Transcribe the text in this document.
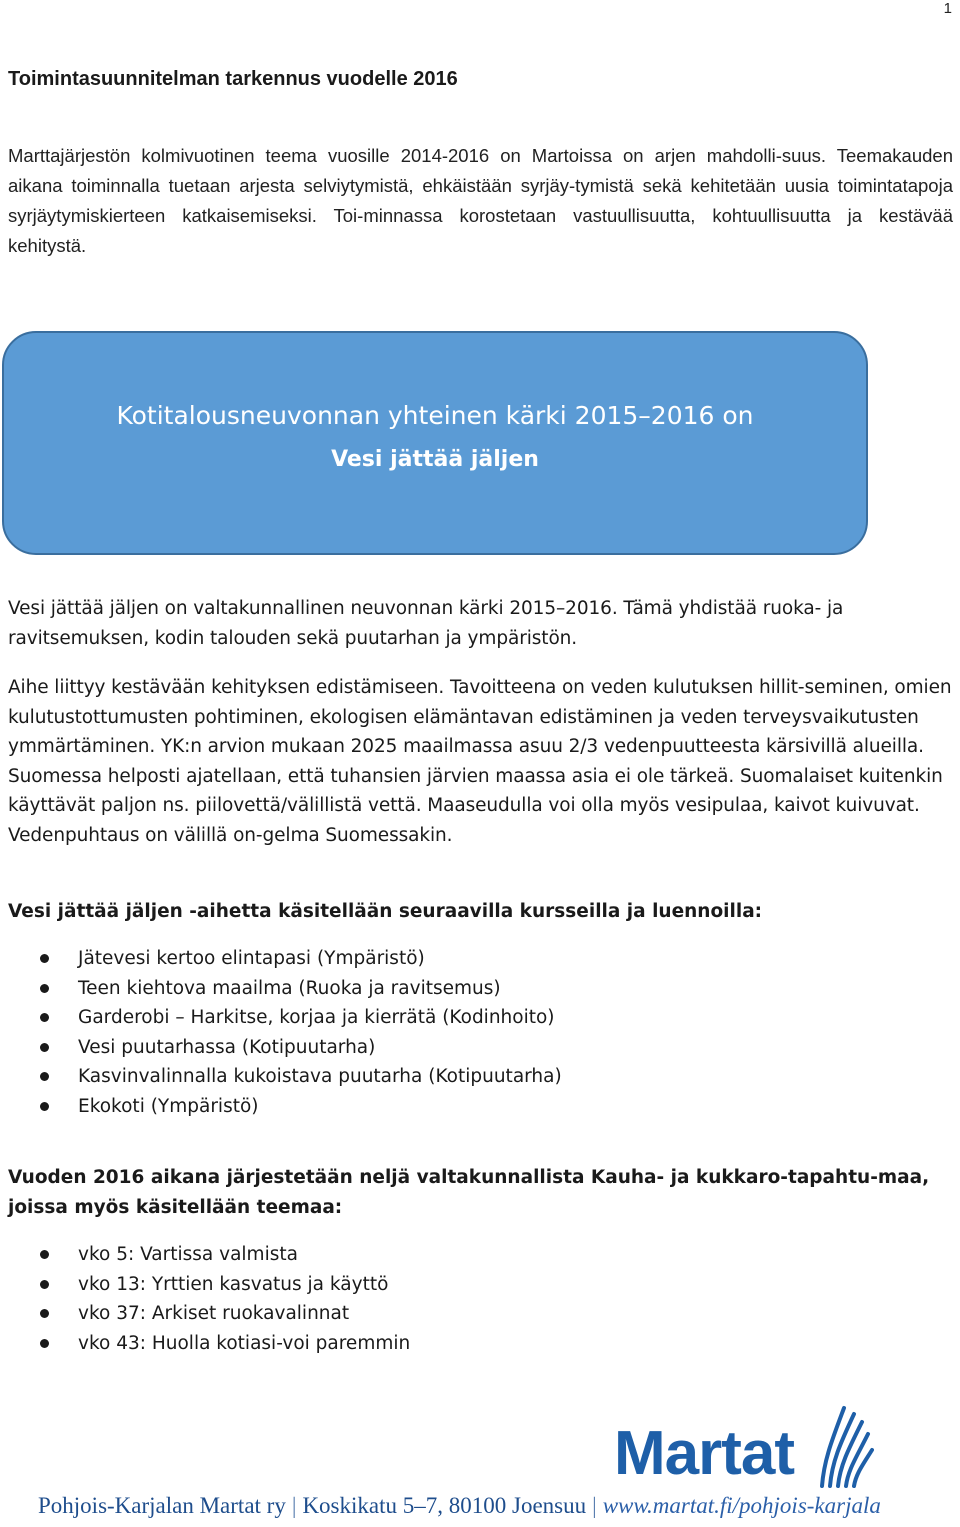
1
Toimintasuunnitelman tarkennus vuodelle 2016

Marttajärjestön kolmivuotinen teema vuosille 2014-2016 on Martoissa on arjen mahdolli-suus. Teemakauden aikana toiminnalla tuetaan arjesta selviytymistä, ehkäistään syrjäy-tymistä sekä kehitetään uusia toimintatapoja syrjäytymiskierteen katkaisemiseksi. Toi-minnassa korostetaan vastuullisuutta, kohtuullisuutta ja kestävää kehitystä.

Kotitalousneuvonnan yhteinen kärki 2015–2016 on
Vesi jättää jäljen

Vesi jättää jäljen on valtakunnallinen neuvonnan kärki 2015–2016. Tämä yhdistää ruoka- ja ravitsemuksen, kodin talouden sekä puutarhan ja ympäristön.

Aihe liittyy kestävään kehityksen edistämiseen. Tavoitteena on veden kulutuksen hillit-seminen, omien kulutustottumusten pohtiminen, ekologisen elämäntavan edistäminen ja veden terveysvaikutusten ymmärtäminen. YK:n arvion mukaan 2025 maailmassa asuu 2/3 vedenpuutteesta kärsivillä alueilla. Suomessa helposti ajatellaan, että tuhansien järvien maassa asia ei ole tärkeä. Suomalaiset kuitenkin käyttävät paljon ns. piilovettä/välillistä vettä. Maaseudulla voi olla myös vesipulaa, kaivot kuivuvat. Vedenpuhtaus on välillä on-gelma Suomessakin.

Vesi jättää jäljen -aihetta käsitellään seuraavilla kursseilla ja luennoilla:

Jätevesi kertoo elintapasi (Ympäristö)
Teen kiehtova maailma (Ruoka ja ravitsemus)
Garderobi – Harkitse, korjaa ja kierrätä (Kodinhoito)
Vesi puutarhassa (Kotipuutarha)
Kasvinvalinnalla kukoistava puutarha (Kotipuutarha)
Ekokoti (Ympäristö)

Vuoden 2016 aikana järjestetään neljä valtakunnallista Kauha- ja kukkaro-tapahtu-maa, joissa myös käsitellään teemaa:

vko 5: Vartissa valmista
vko 13: Yrttien kasvatus ja käyttö
vko 37: Arkiset ruokavalinnat
vko 43: Huolla kotiasi-voi paremmin
Martat
Pohjois-Karjalan Martat ry | Koskikatu 5–7, 80100 Joensuu | www.martat.fi/pohjois-karjala
